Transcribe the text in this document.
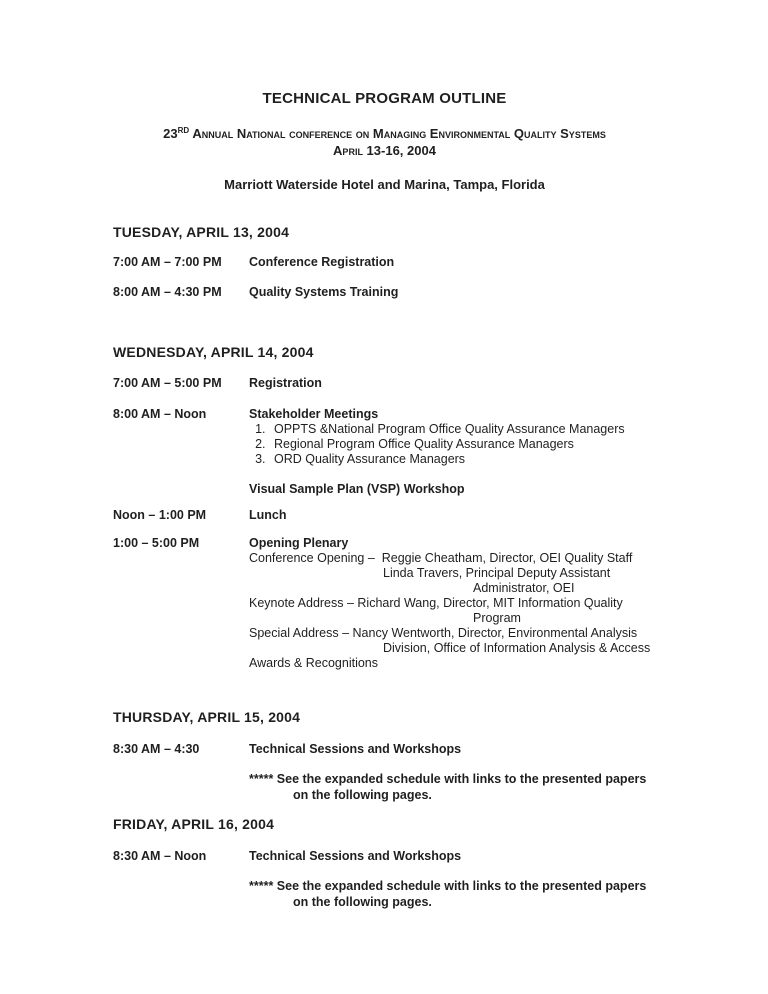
TECHNICAL PROGRAM OUTLINE
23RD Annual National conference on Managing Environmental Quality Systems
April 13-16, 2004
Marriott Waterside Hotel and Marina, Tampa, Florida
TUESDAY, APRIL 13, 2004
7:00 AM – 7:00 PM	Conference Registration
8:00 AM – 4:30 PM	Quality Systems Training
WEDNESDAY, APRIL 14, 2004
7:00 AM – 5:00 PM	Registration
8:00 AM – Noon	Stakeholder Meetings
1. OPPTS &National Program Office Quality Assurance Managers
2. Regional Program Office Quality Assurance Managers
3. ORD Quality Assurance Managers
Visual Sample Plan (VSP) Workshop
Noon – 1:00 PM	Lunch
1:00 – 5:00 PM	Opening Plenary
Conference Opening –  Reggie Cheatham, Director, OEI Quality Staff
Linda Travers, Principal Deputy Assistant
Administrator, OEI
Keynote Address – Richard Wang, Director, MIT Information Quality
Program
Special Address – Nancy Wentworth, Director, Environmental Analysis
Division, Office of Information Analysis & Access
Awards & Recognitions
THURSDAY, APRIL 15, 2004
8:30 AM – 4:30	Technical Sessions and Workshops
***** See the expanded schedule with links to the presented papers
on the following pages.
FRIDAY, APRIL 16, 2004
8:30 AM – Noon	Technical Sessions and Workshops
***** See the expanded schedule with links to the presented papers
on the following pages.
